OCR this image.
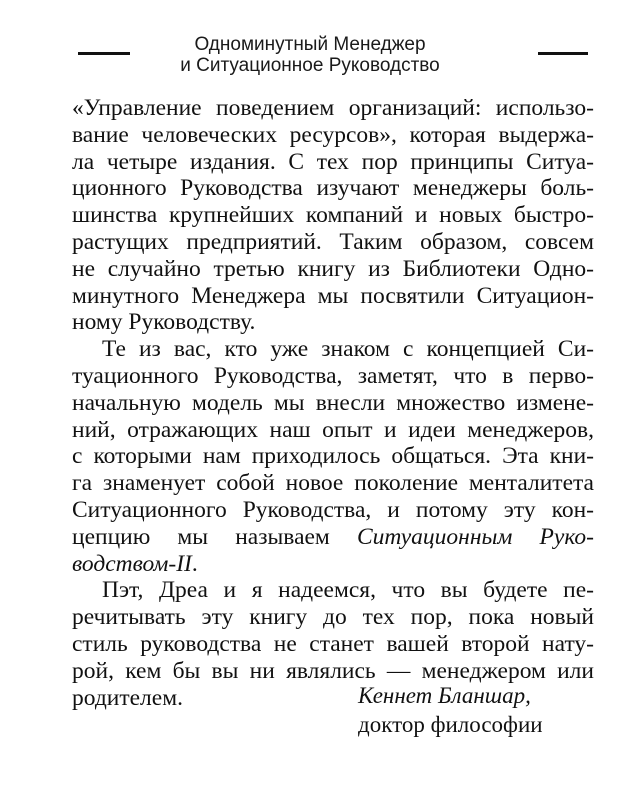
Одноминутный Менеджер
и Ситуационное Руководство
«Управление поведением организаций: использо-
вание человеческих ресурсов», которая выдержа-
ла четыре издания. С тех пор принципы Ситуа-
ционного Руководства изучают менеджеры боль-
шинства крупнейших компаний и новых быстро-
растущих предприятий. Таким образом, совсем
не случайно третью книгу из Библиотеки Одно-
минутного Менеджера мы посвятили Ситуацион-
ному Руководству.
Те из вас, кто уже знаком с концепцией Си-
туационного Руководства, заметят, что в перво-
начальную модель мы внесли множество измене-
ний, отражающих наш опыт и идеи менеджеров,
с которыми нам приходилось общаться. Эта кни-
га знаменует собой новое поколение менталитета
Ситуационного Руководства, и потому эту кон-
цепцию мы называем Ситуационным Руко-
водством-II.
Пэт, Дреа и я надеемся, что вы будете пе-
речитывать эту книгу до тех пор, пока новый
стиль руководства не станет вашей второй нату-
рой, кем бы вы ни являлись — менеджером или
родителем.	Кеннет Бланшар,
доктор философии
